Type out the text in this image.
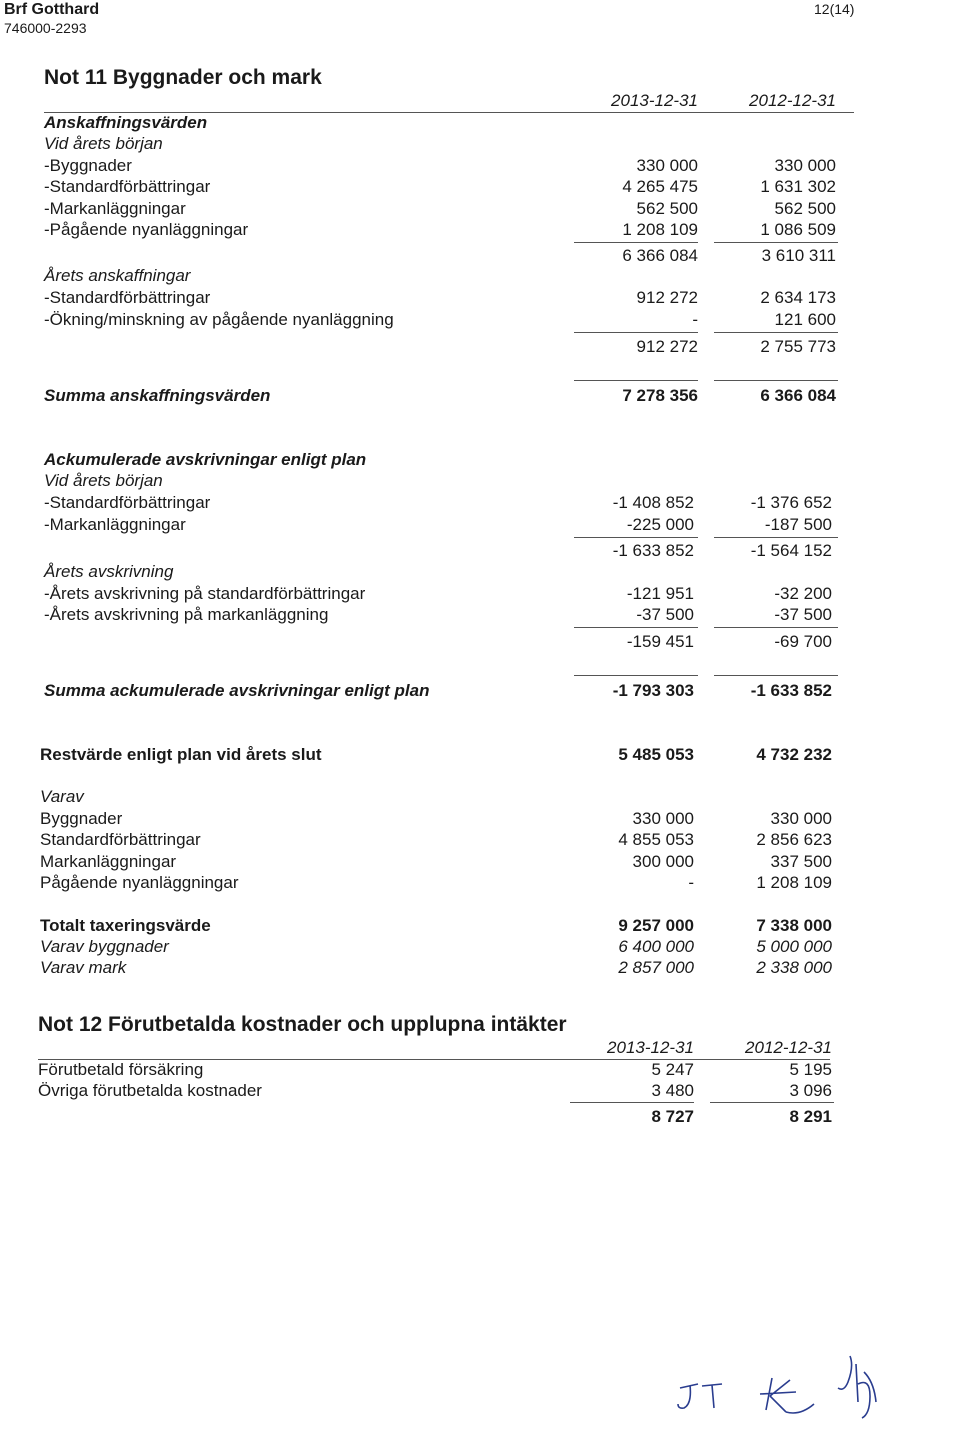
Brf Gotthard
746000-2293
12(14)
Not 11 Byggnader och mark
2013-12-31	2012-12-31
Anskaffningsvärden
Vid årets början
-Byggnader	330 000	330 000
-Standardförbättringar	4 265 475	1 631 302
-Markanläggningar	562 500	562 500
-Pågående nyanläggningar	1 208 109	1 086 509
6 366 084	3 610 311
Årets anskaffningar
-Standardförbättringar	912 272	2 634 173
-Ökning/minskning av pågående nyanläggning	-	121 600
912 272	2 755 773
Summa anskaffningsvärden	7 278 356	6 366 084
Ackumulerade avskrivningar enligt plan
Vid årets början
-Standardförbättringar	-1 408 852	-1 376 652
-Markanläggningar	-225 000	-187 500
-1 633 852	-1 564 152
Årets avskrivning
-Årets avskrivning på standardförbättringar	-121 951	-32 200
-Årets avskrivning på markanläggning	-37 500	-37 500
-159 451	-69 700
Summa ackumulerade avskrivningar enligt plan	-1 793 303	-1 633 852
Restvärde enligt plan vid årets slut	5 485 053	4 732 232
Varav
Byggnader	330 000	330 000
Standardförbättringar	4 855 053	2 856 623
Markanläggningar	300 000	337 500
Pågående nyanläggningar	-	1 208 109
Totalt taxeringsvärde	9 257 000	7 338 000
Varav byggnader	6 400 000	5 000 000
Varav mark	2 857 000	2 338 000
Not 12 Förutbetalda kostnader och upplupna intäkter
2013-12-31	2012-12-31
Förutbetald försäkring	5 247	5 195
Övriga förutbetalda kostnader	3 480	3 096
8 727	8 291
